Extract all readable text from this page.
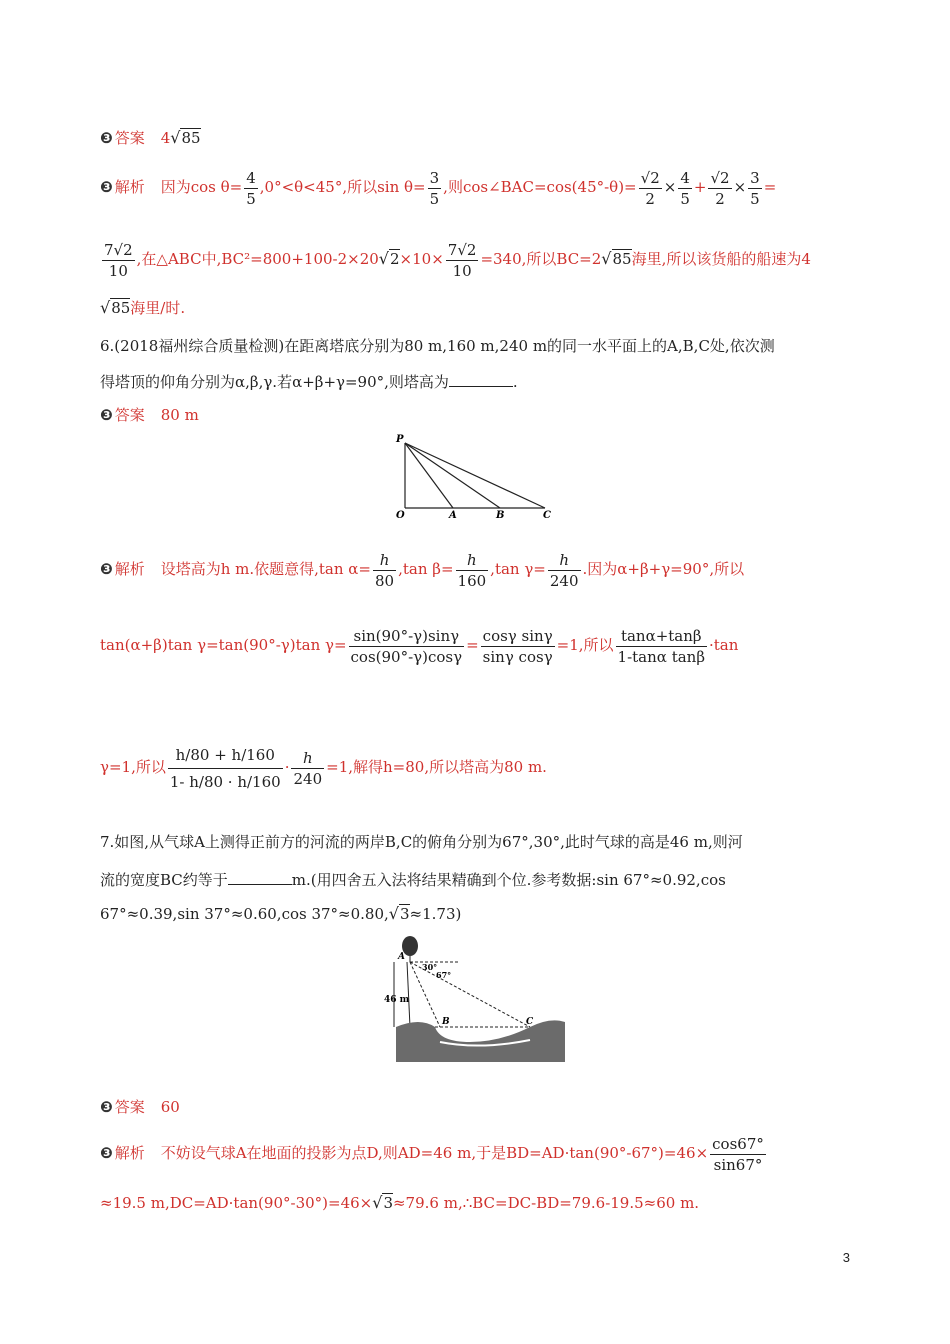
❸ 答案 4√85
❸ 解析 因为$\cos \theta= \frac{4}{5} ,0^\circ<\theta<45^\circ$,所以$\sin \theta= \frac{3}{5}$ ,则cos∠BAC=cos(45°-θ)= $\frac{√2}{2} \times \frac{4}{5} + \frac{√2}{2} \times \frac{3}{5}$ =
$\frac{7√2}{10}$ ,在△ABC中$,BC^2=800+100-2\times 20√2\times 10\times \frac{7√2}{10} =340$,所以BC=2√85海里,所以该货船的船速为4
√85海里/时.
6.(2018福州综合质量检测)在距离塔底分别为80 m,160 m,240 m的同一水平面上的A,B,C处,依次测
得塔顶的仰角分别为α,β,γ.若α+β+γ=90°,则塔高为	.
❸ 答案 80 m
P
O	A	B	C
❸ 解析 设塔高为h m.依题意得,tan $\alpha= \frac{h}{80} ,\tan$ $\beta= \frac{h}{160} ,\tan$ $\gamma= \frac{h}{240}$ .因为α+β+γ=90°,所以
tan(α+β)tan γ=tan(90°-γ)tan $\gamma= \frac{\sin(90^\circ-\gamma)\sin\gamma}{\cos(90^\circ-\gamma)\cos\gamma} = \frac{\text{cosγ sinγ}}{\text{sinγ cosγ}} =1$,所以 $\frac{\tan\alpha+\tan\beta}{\text{1-tanα tanβ}} \cdot\tan$
γ=1,所以 $\frac{h/80 + h/160}{1- h/80 \cdot h/160} \cdot \frac{h}{240} =1$,解得h=80,所以塔高为80 m.
7.如图,从气球A上测得正前方的河流的两岸B,C的俯角分别为67°,30°,此时气球的高是46 m,则河
流的宽度BC约等于	m.(用四舍五入法将结果精确到个位.参考数据:sin 67°≈0.92,cos
67°≈0.39,sin 37°≈0.60,cos 37°≈0.80,√3≈1.73)
46 m
A
B	C
30°
67°
❸ 答案 60
❸ 解析 不妨设气球A在地面的投影为点D,则AD=46 m,于是$BD=AD\cdot\tan(90^\circ-67^\circ)=46\times \frac{\cos 67^\circ}{\sin 67^\circ}$
≈19.5 m,DC=AD·tan(90°-30°)=46×√3≈79.6 m,∴BC=DC-BD=79.6-19.5≈60 m.
3
